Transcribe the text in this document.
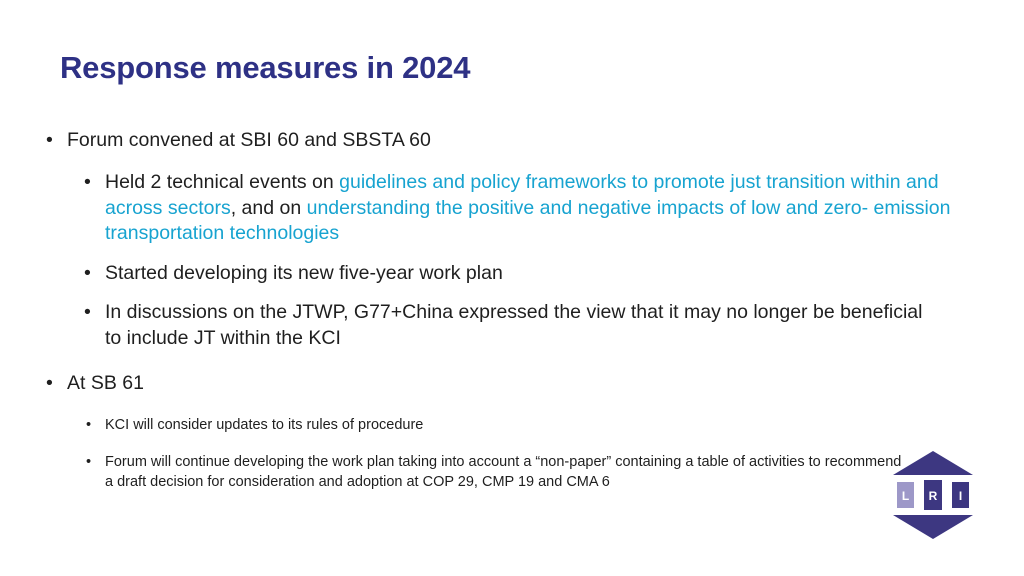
Response measures in 2024
• Forum convened at SBI 60 and SBSTA 60
• Held 2 technical events on guidelines and policy frameworks to promote just transition within and across sectors, and on understanding the positive and negative impacts of low and zero- emission transportation technologies
• Started developing its new five-year work plan
• In discussions on the JTWP, G77+China expressed the view that it may no longer be beneficial to include JT within the KCI
• At SB 61
• KCI will consider updates to its rules of procedure
• Forum will continue developing the work plan taking into account a “non-paper” containing a table of activities to recommend a draft decision for consideration and adoption at COP 29, CMP 19 and CMA 6
L R I
